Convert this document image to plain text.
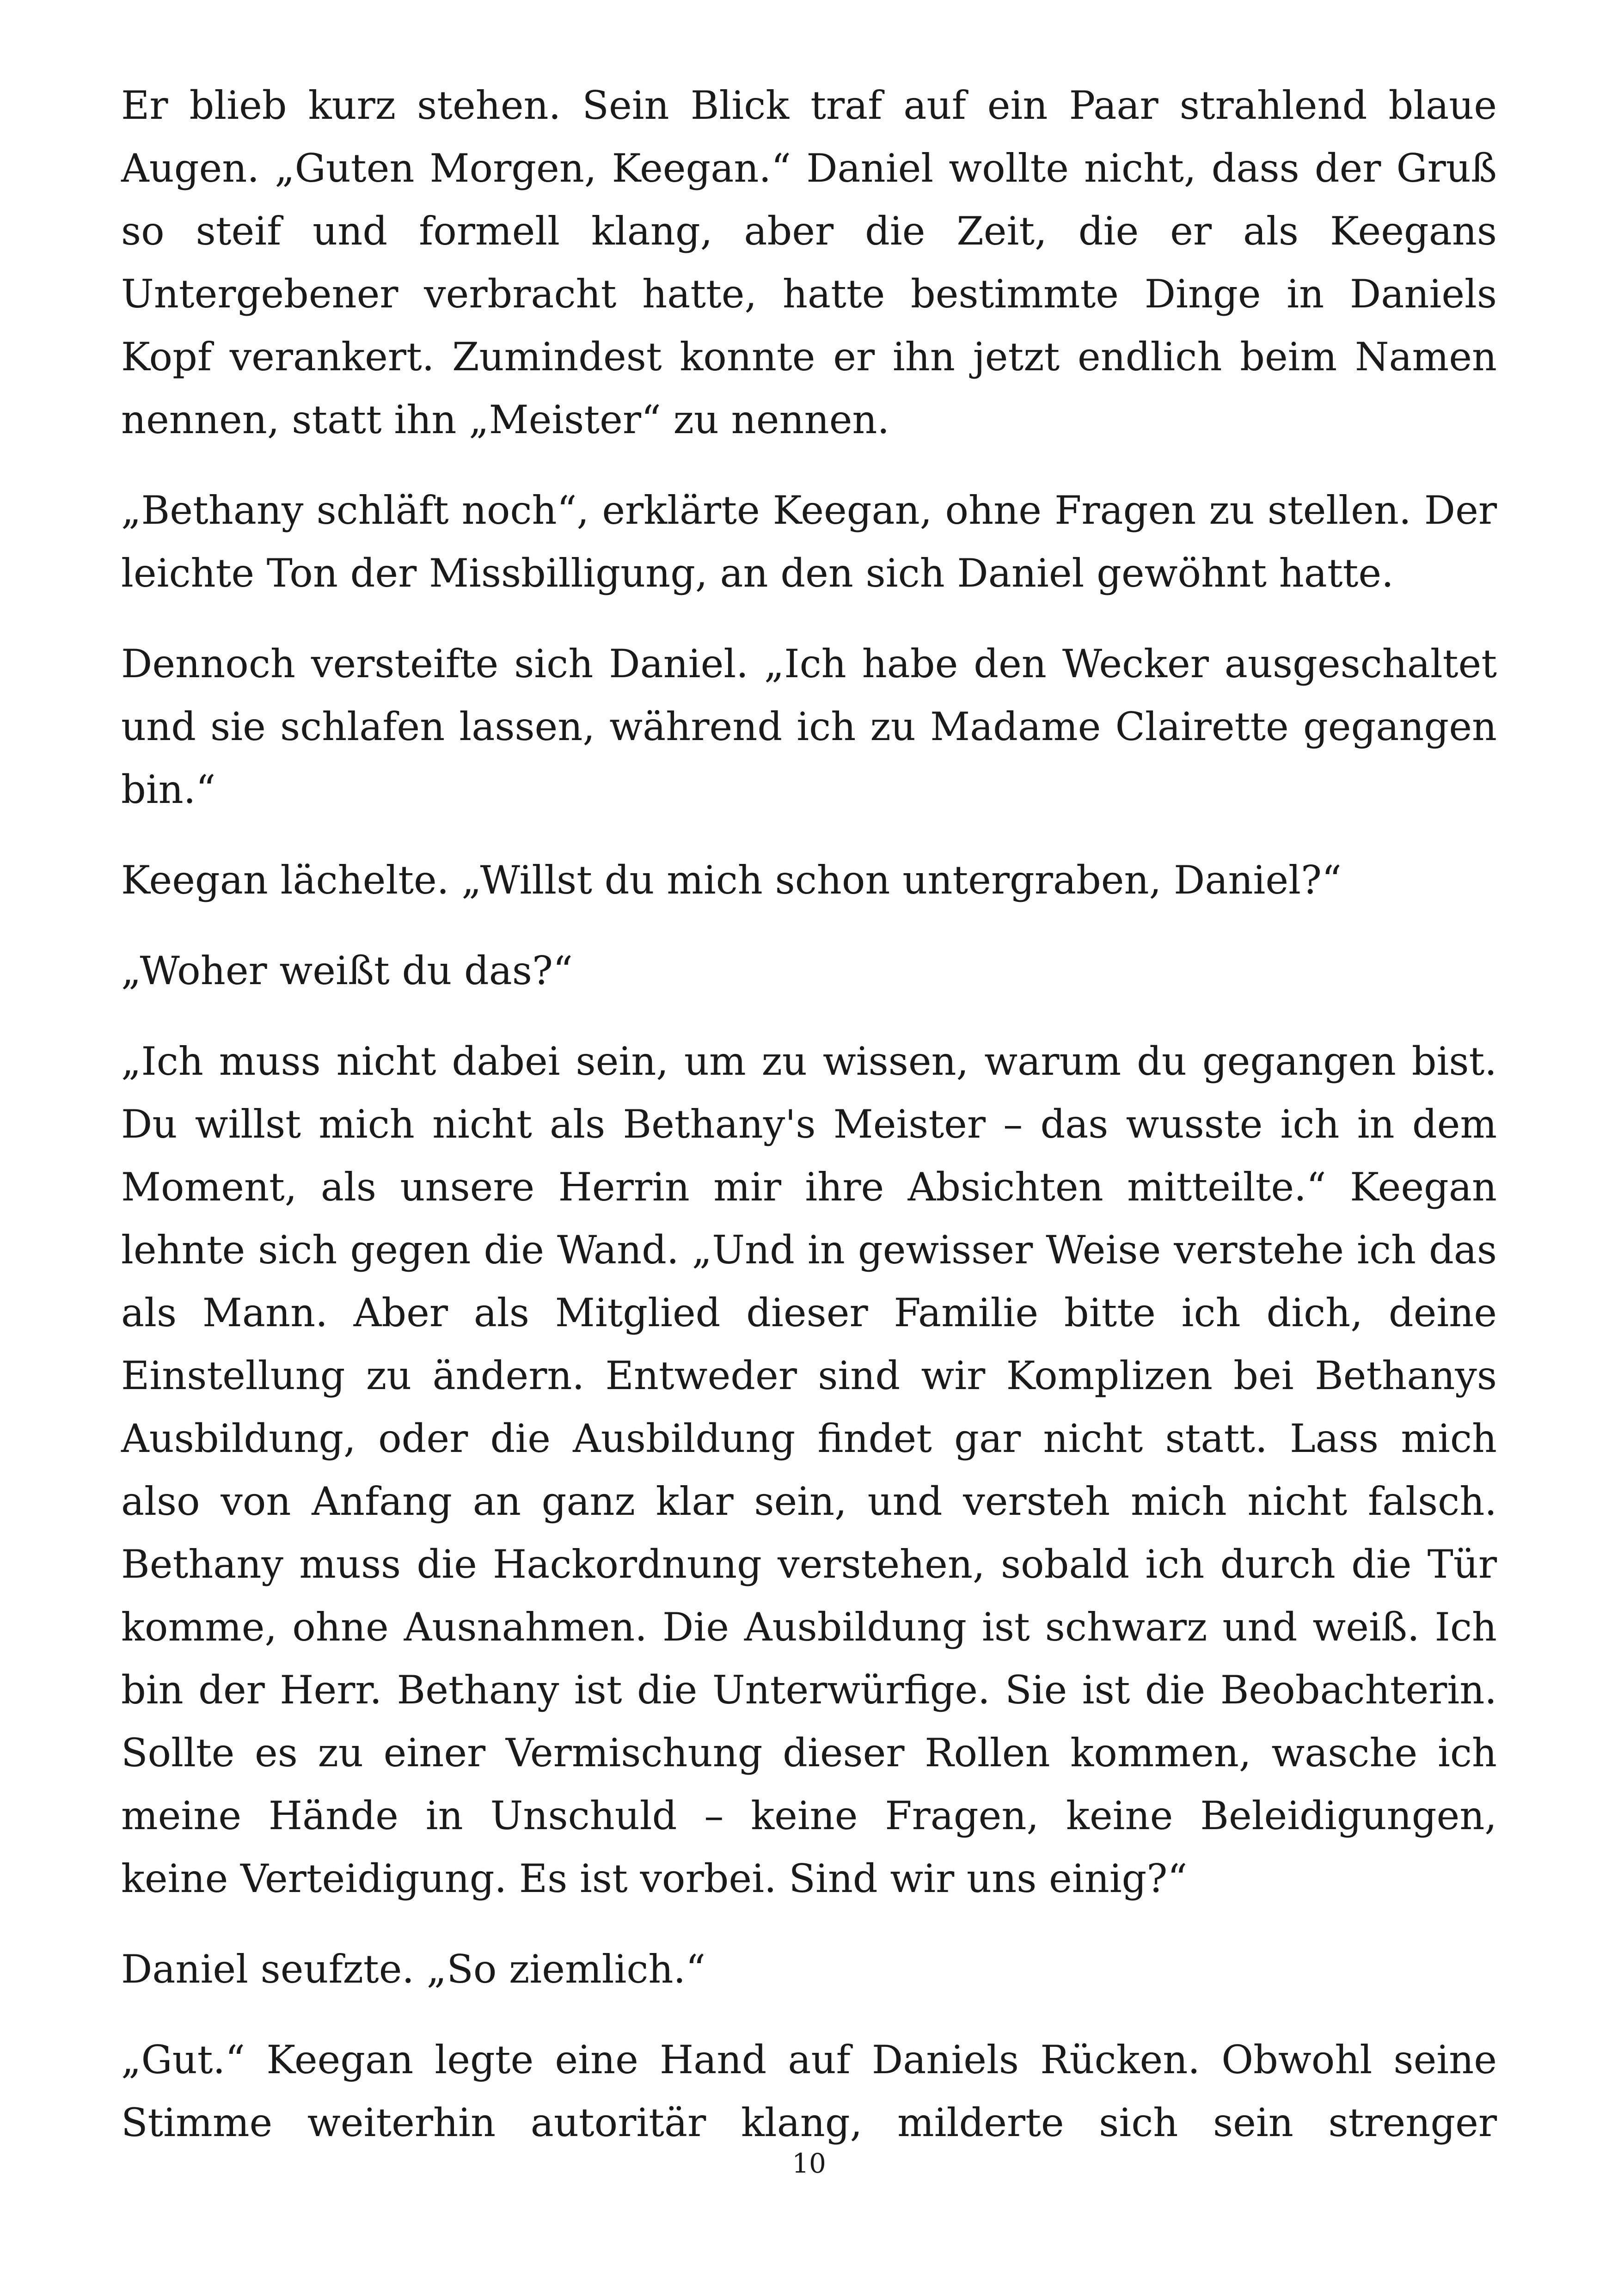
Er blieb kurz stehen. Sein Blick traf auf ein Paar strahlend blaue Augen. „Guten Morgen, Keegan.“ Daniel wollte nicht, dass der Gruß so steif und formell klang, aber die Zeit, die er als Keegans Untergebener verbracht hatte, hatte bestimmte Dinge in Daniels Kopf verankert. Zumindest konnte er ihn jetzt endlich beim Namen nennen, statt ihn „Meister“ zu nennen.

„Bethany schläft noch“, erklärte Keegan, ohne Fragen zu stellen. Der leichte Ton der Missbilligung, an den sich Daniel gewöhnt hatte.

Dennoch versteifte sich Daniel. „Ich habe den Wecker ausgeschaltet und sie schlafen lassen, während ich zu Madame Clairette gegangen bin.“

Keegan lächelte. „Willst du mich schon untergraben, Daniel?“

„Woher weißt du das?“

„Ich muss nicht dabei sein, um zu wissen, warum du gegangen bist. Du willst mich nicht als Bethany's Meister – das wusste ich in dem Moment, als unsere Herrin mir ihre Absichten mitteilte.“ Keegan lehnte sich gegen die Wand. „Und in gewisser Weise verstehe ich das als Mann. Aber als Mitglied dieser Familie bitte ich dich, deine Einstellung zu ändern. Entweder sind wir Komplizen bei Bethanys Ausbildung, oder die Ausbildung findet gar nicht statt. Lass mich also von Anfang an ganz klar sein, und versteh mich nicht falsch. Bethany muss die Hackordnung verstehen, sobald ich durch die Tür komme, ohne Ausnahmen. Die Ausbildung ist schwarz und weiß. Ich bin der Herr. Bethany ist die Unterwürfige. Sie ist die Beobachterin. Sollte es zu einer Vermischung dieser Rollen kommen, wasche ich meine Hände in Unschuld – keine Fragen, keine Beleidigungen, keine Verteidigung. Es ist vorbei. Sind wir uns einig?“

Daniel seufzte. „So ziemlich.“

„Gut.“ Keegan legte eine Hand auf Daniels Rücken. Obwohl seine Stimme weiterhin autoritär klang, milderte sich sein strenger

10
